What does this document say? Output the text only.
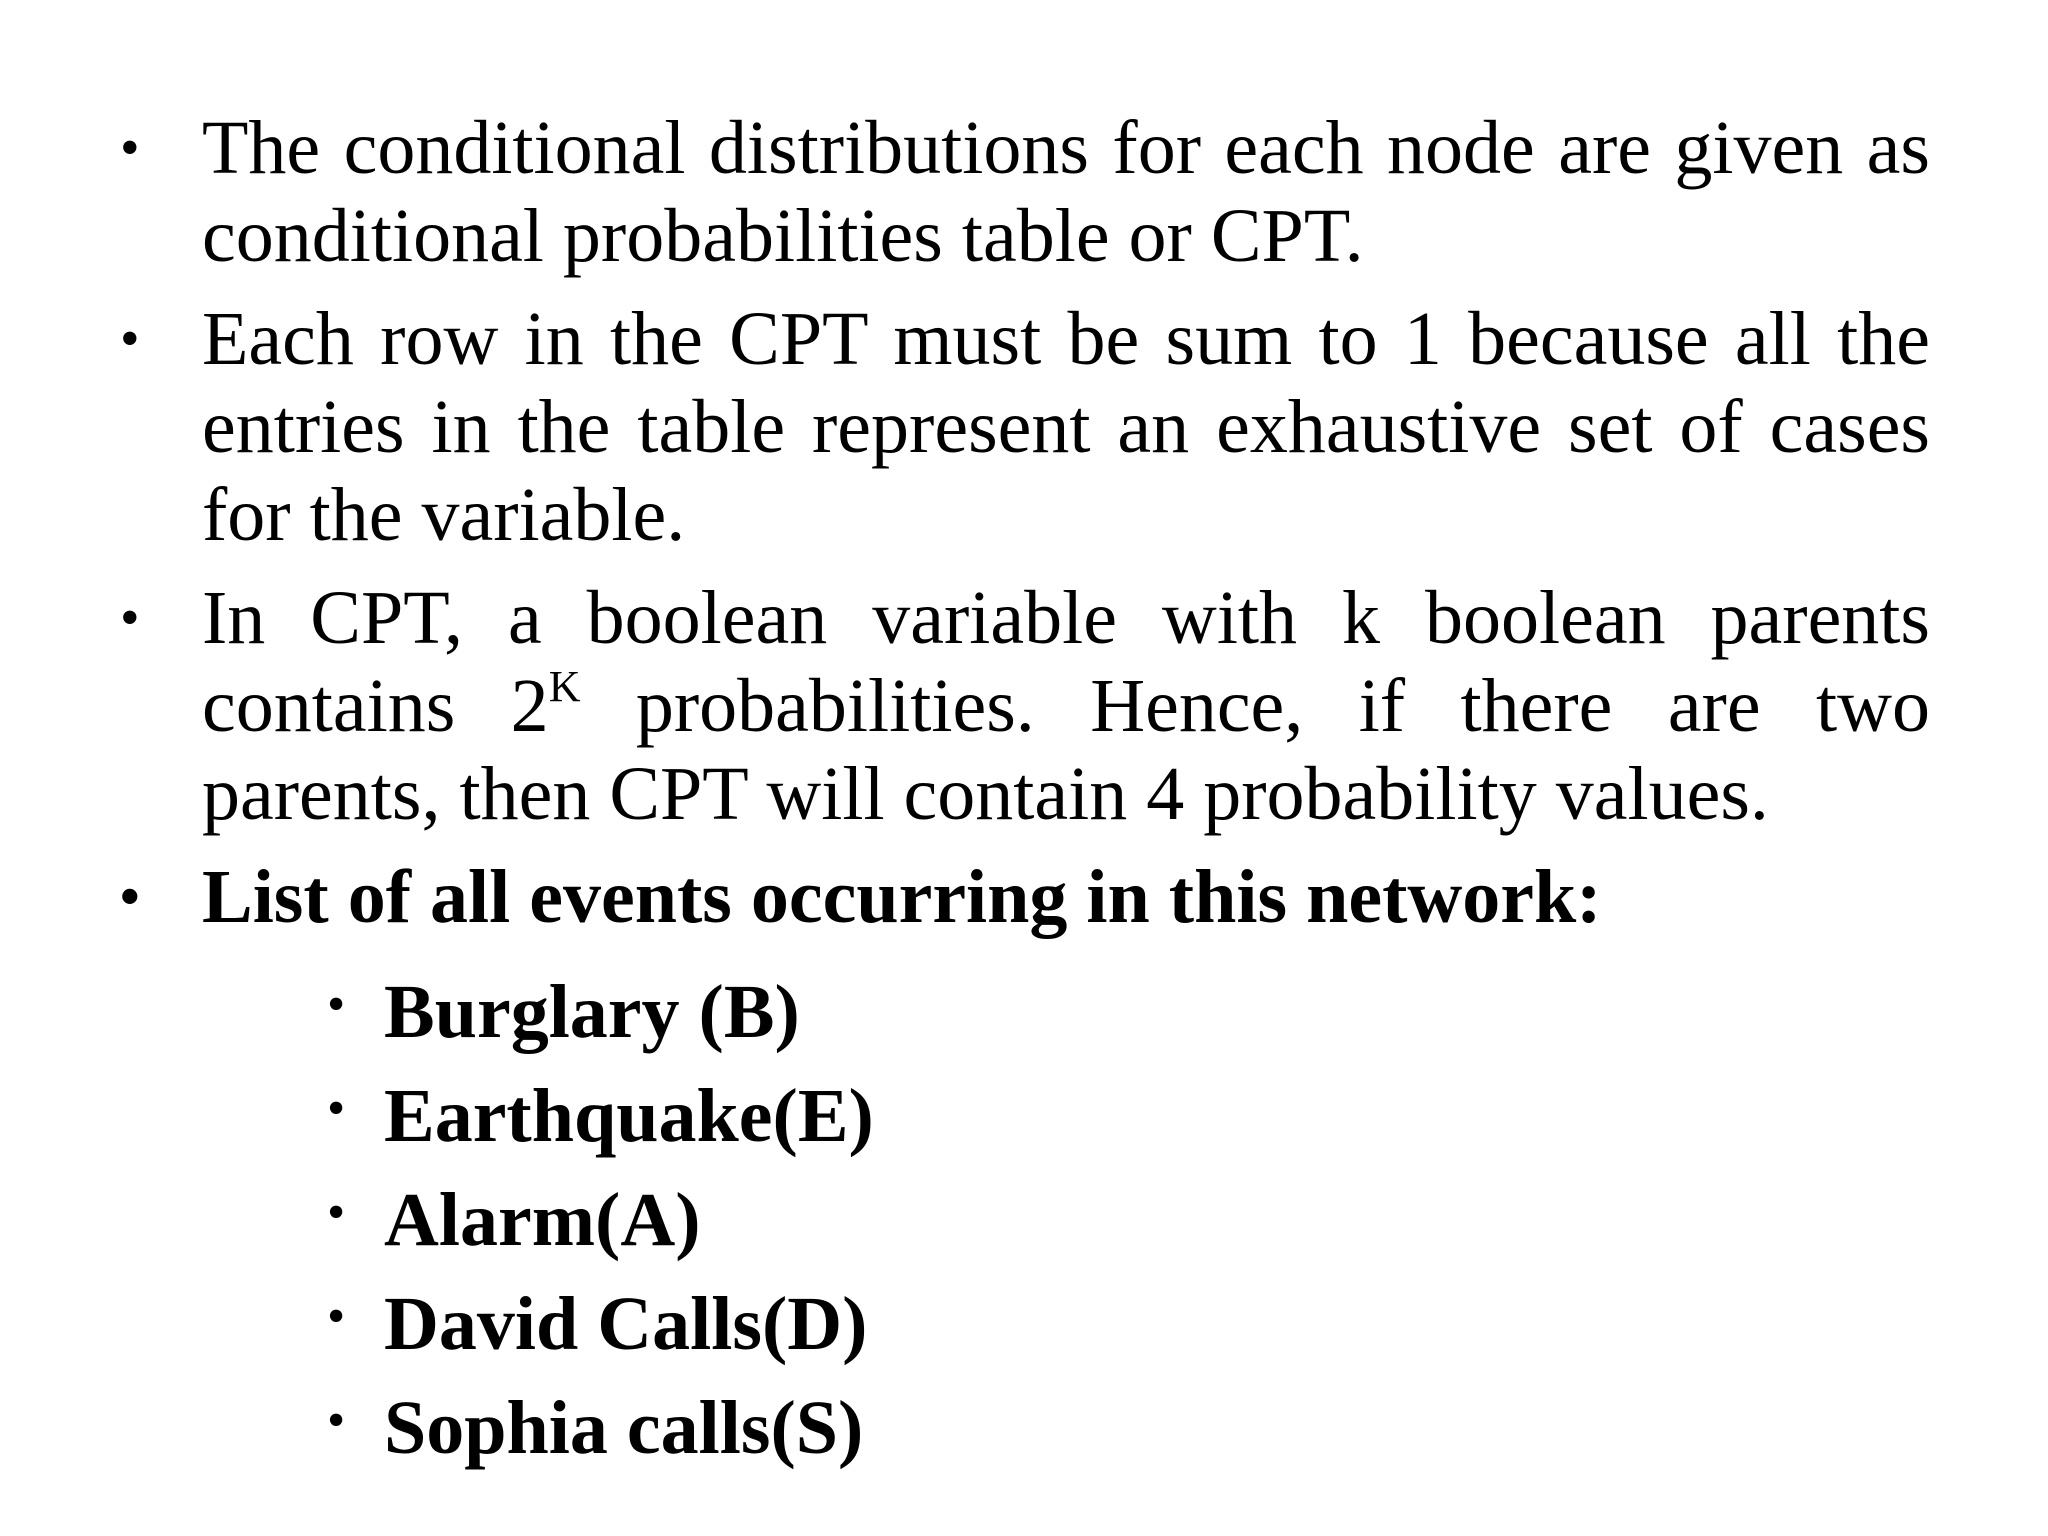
• The conditional distributions for each node are given as conditional probabilities table or CPT.
• Each row in the CPT must be sum to 1 because all the entries in the table represent an exhaustive set of cases for the variable.
• In CPT, a boolean variable with k boolean parents contains $2^K$ probabilities. Hence, if there are two parents, then CPT will contain 4 probability values.
• List of all events occurring in this network:
• Burglary (B)
• Earthquake(E)
• Alarm(A)
• David Calls(D)
• Sophia calls(S)
